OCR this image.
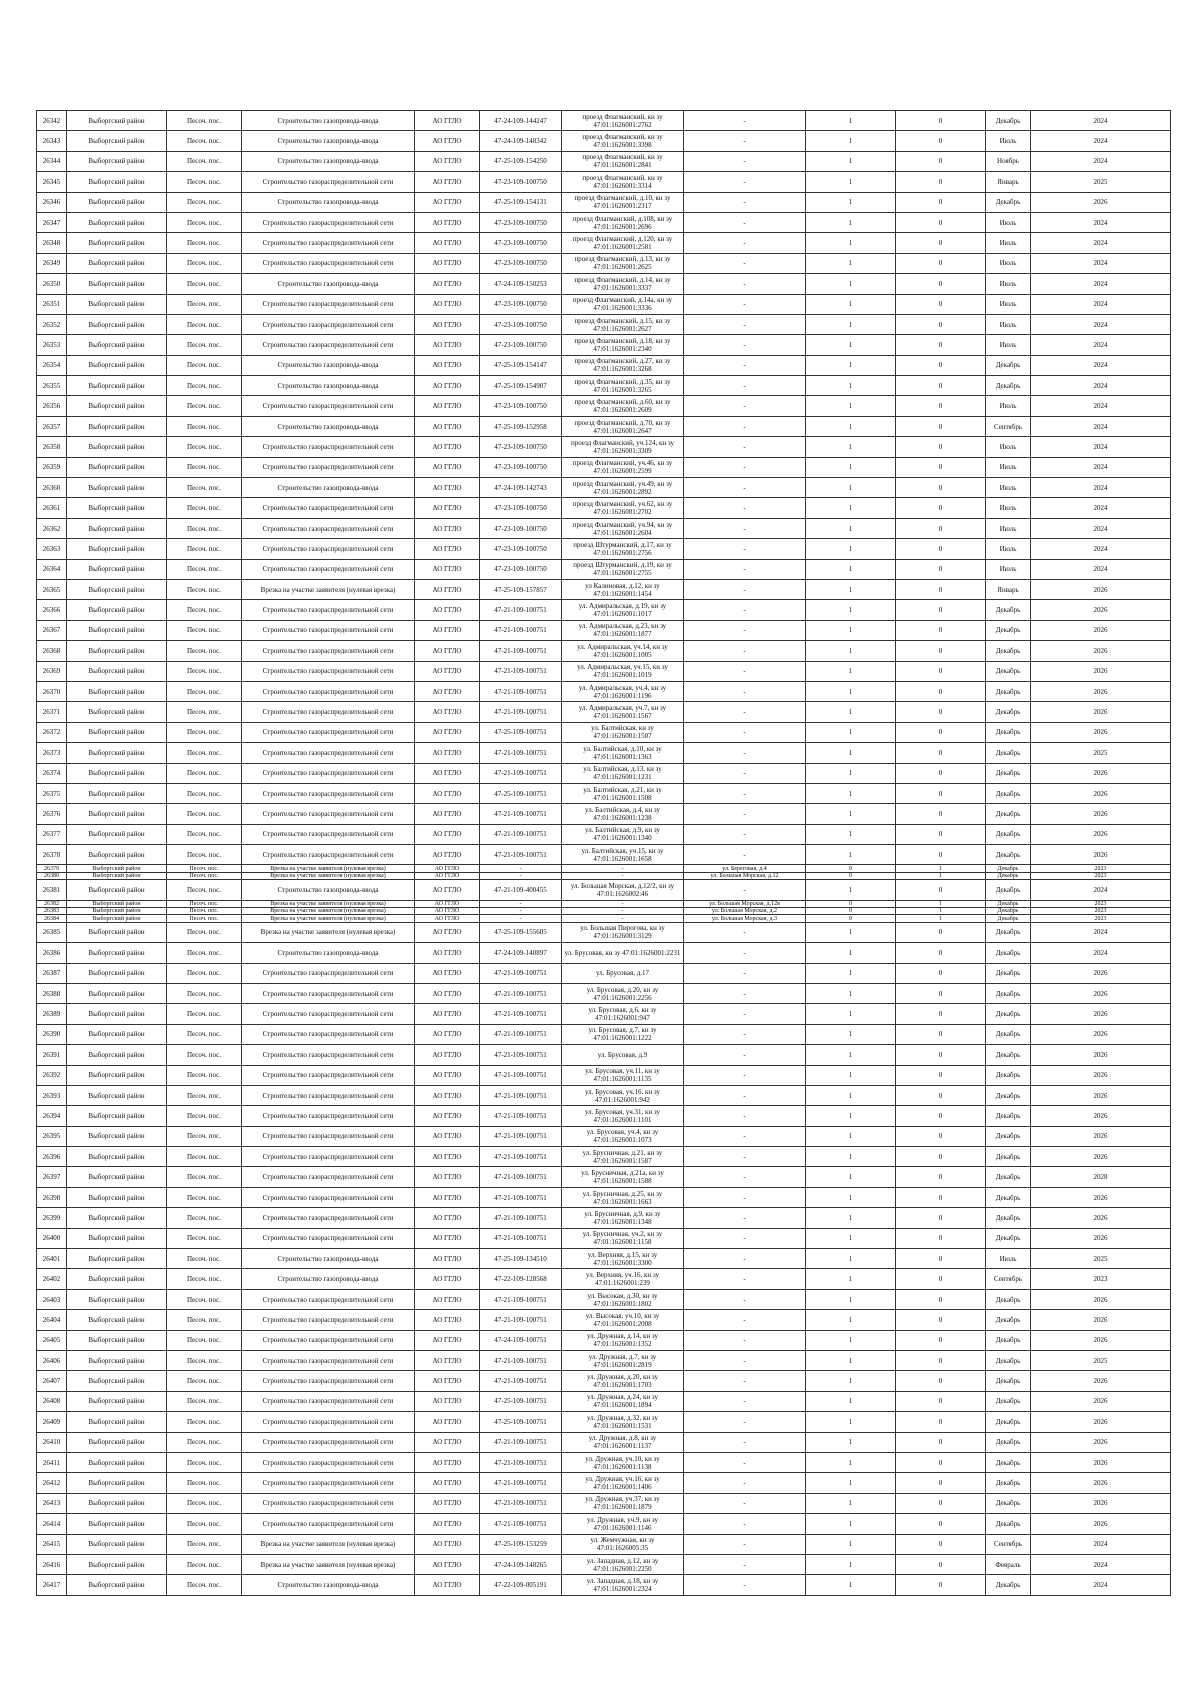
26342	Выборгский район	Песоч. пос.	Строительство газопровода-ввода	АО ГГЛО	47-24-109-144247	проезд Флагманский, кн зу 47:01:1626001:2762	-	1	0	Декабрь	2024
26343	Выборгский район	Песоч. пос.	Строительство газопровода-ввода	АО ГГЛО	47-24-109-148342	проезд Флагманский, кн зу 47:01:1626001:3398	-	1	0	Июль	2024
26344	Выборгский район	Песоч. пос.	Строительство газопровода-ввода	АО ГГЛО	47-25-109-154250	проезд Флагманский, кн зу 47:01:1626001:2841	-	1	0	Ноябрь	2024
26345	Выборгский район	Песоч. пос.	Строительство газораспределительной сети	АО ГГЛО	47-23-109-100750	проезд Флагманский, кн зу 47:01:1626001:3314	-	1	0	Январь	2025
26346	Выборгский район	Песоч. пос.	Строительство газопровода-ввода	АО ГГЛО	47-25-109-154131	проезд Флагманский, д.10, кн зу 47:01:1626001:2317	-	1	0	Декабрь	2026
26347	Выборгский район	Песоч. пос.	Строительство газораспределительной сети	АО ГГЛО	47-23-109-100750	проезд Флагманский, д.108, кн зу 47:01:1626001:2696	-	1	0	Июль	2024
26348	Выборгский район	Песоч. пос.	Строительство газораспределительной сети	АО ГГЛО	47-23-109-100750	проезд Флагманский, д.120, кн зу 47:01:1626001:2581	-	1	0	Июль	2024
26349	Выборгский район	Песоч. пос.	Строительство газораспределительной сети	АО ГГЛО	47-23-109-100750	проезд Флагманский, д.13, кн зу 47:01:1626001:2625	-	1	0	Июль	2024
26350	Выборгский район	Песоч. пос.	Строительство газопровода-ввода	АО ГГЛО	47-24-109-150253	проезд Флагманский, д.14, кн зу 47:01:1626001:3337	-	1	0	Июль	2024
26351	Выборгский район	Песоч. пос.	Строительство газораспределительной сети	АО ГГЛО	47-23-109-100750	проезд Флагманский, д.14а, кн зу 47:01:1626001:3336	-	1	0	Июль	2024
26352	Выборгский район	Песоч. пос.	Строительство газораспределительной сети	АО ГГЛО	47-23-109-100750	проезд Флагманский, д.15, кн зу 47:01:1626001:2627	-	1	0	Июль	2024
26353	Выборгский район	Песоч. пос.	Строительство газораспределительной сети	АО ГГЛО	47-23-109-100750	проезд Флагманский, д.18, кн зу 47:01:1626001:2340	-	1	0	Июль	2024
26354	Выборгский район	Песоч. пос.	Строительство газопровода-ввода	АО ГГЛО	47-25-109-154147	проезд Флагманский, д.27, кн зу 47:01:1626001:3268	-	1	0	Декабрь	2024
26355	Выборгский район	Песоч. пос.	Строительство газопровода-ввода	АО ГГЛО	47-25-109-154907	проезд Флагманский, д.35, кн зу 47:01:1626001:3265	-	1	0	Декабрь	2024
26356	Выборгский район	Песоч. пос.	Строительство газораспределительной сети	АО ГГЛО	47-23-109-100750	проезд Флагманский, д.60, кн зу 47:01:1626001:2609	-	1	0	Июль	2024
26357	Выборгский район	Песоч. пос.	Строительство газопровода-ввода	АО ГГЛО	47-25-109-152958	проезд Флагманский, д.70, кн зу 47:01:1626001:2647	-	1	0	Сентябрь	2024
26358	Выборгский район	Песоч. пос.	Строительство газораспределительной сети	АО ГГЛО	47-23-109-100750	проезд Флагманский, уч.124, кн зу 47:01:1626001:3309	-	1	0	Июль	2024
26359	Выборгский район	Песоч. пос.	Строительство газораспределительной сети	АО ГГЛО	47-23-109-100750	проезд Флагманский, уч.46, кн зу 47:01:1626001:2599	-	1	0	Июль	2024
26360	Выборгский район	Песоч. пос.	Строительство газопровода-ввода	АО ГГЛО	47-24-109-142743	проезд Флагманский, уч.49, кн зу 47:01:1626001:2892	-	1	0	Июль	2024
26361	Выборгский район	Песоч. пос.	Строительство газораспределительной сети	АО ГГЛО	47-23-109-100750	проезд Флагманский, уч.62, кн зу 47:01:1626001:2702	-	1	0	Июль	2024
26362	Выборгский район	Песоч. пос.	Строительство газораспределительной сети	АО ГГЛО	47-23-109-100750	проезд Флагманский, уч.94, кн зу 47:01:1626001:2604	-	1	0	Июль	2024
26363	Выборгский район	Песоч. пос.	Строительство газораспределительной сети	АО ГГЛО	47-23-109-100750	проезд Штурманский, д.17, кн зу 47:01:1626001:2756	-	1	0	Июль	2024
26364	Выборгский район	Песоч. пос.	Строительство газораспределительной сети	АО ГГЛО	47-23-109-100750	проезд Штурманский, д.19, кн зу 47:01:1626001:2755	-	1	0	Июль	2024
26365	Выборгский район	Песоч. пос.	Врезка на участке заявителя (нулевая врезка)	АО ГГЛО	47-25-109-157857	ул Калиновая, д.12, кн зу 47:01:1626001:1454	-	1	0	Январь	2026
26366	Выборгский район	Песоч. пос.	Строительство газораспределительной сети	АО ГГЛО	47-21-109-100751	ул. Адмиральская, д.19, кн зу 47:01:1626001:1017	-	1	0	Декабрь	2026
26367	Выборгский район	Песоч. пос.	Строительство газораспределительной сети	АО ГГЛО	47-21-109-100751	ул. Адмиральская, д.23, кн зу 47:01:1626001:1877	-	1	0	Декабрь	2026
26368	Выборгский район	Песоч. пос.	Строительство газораспределительной сети	АО ГГЛО	47-21-109-100751	ул. Адмиральская, уч.14, кн зу 47:01:1626001:1005	-	1	0	Декабрь	2026
26369	Выборгский район	Песоч. пос.	Строительство газораспределительной сети	АО ГГЛО	47-21-109-100751	ул. Адмиральская, уч.15, кн зу 47:01:1626001:1019	-	1	0	Декабрь	2026
26370	Выборгский район	Песоч. пос.	Строительство газораспределительной сети	АО ГГЛО	47-21-109-100751	ул. Адмиральская, уч.4, кн зу 47:01:1626001:1196	-	1	0	Декабрь	2026
26371	Выборгский район	Песоч. пос.	Строительство газораспределительной сети	АО ГГЛО	47-21-109-100751	ул. Адмиральская, уч.7, кн зу 47:01:1626001:1567	-	1	0	Декабрь	2026
26372	Выборгский район	Песоч. пос.	Строительство газораспределительной сети	АО ГГЛО	47-25-109-100751	ул. Балтийская, кн зу 47:01:1626001:1507	-	1	0	Декабрь	2026
26373	Выборгский район	Песоч. пос.	Строительство газораспределительной сети	АО ГГЛО	47-21-109-100751	ул. Балтийская, д.10, кн зу 47:01:1626001:1363	-	1	0	Декабрь	2025
26374	Выборгский район	Песоч. пос.	Строительство газораспределительной сети	АО ГГЛО	47-21-109-100751	ул. Балтийская, д.13, кн зу 47:01:1626001:1231	-	1	0	Декабрь	2026
26375	Выборгский район	Песоч. пос.	Строительство газораспределительной сети	АО ГГЛО	47-25-109-100751	ул. Балтийская, д.21, кн зу 47:01:1626001:1508	-	1	0	Декабрь	2026
26376	Выборгский район	Песоч. пос.	Строительство газораспределительной сети	АО ГГЛО	47-21-109-100751	ул. Балтийская, д.4, кн зу 47:01:1626001:1238	-	1	0	Декабрь	2026
26377	Выборгский район	Песоч. пос.	Строительство газораспределительной сети	АО ГГЛО	47-21-109-100751	ул. Балтийская, д.9, кн зу 47:01:1626001:1340	-	1	0	Декабрь	2026
26378	Выборгский район	Песоч. пос.	Строительство газораспределительной сети	АО ГГЛО	47-21-109-100751	ул. Балтийская, уч.15, кн зу 47:01:1626001:1658	-	1	0	Декабрь	2026
26379	Выборгский район	Песоч. пос.	Врезка на участке заявителя (нулевая врезка)	АО ГГЛО	-	-	ул. Береговая, д.4	0	1	Декабрь	2023
26380	Выборгский район	Песоч. пос.	Врезка на участке заявителя (нулевая врезка)	АО ГГЛО	-	-	ул. Большая Морская, д.12	0	1	Декабрь	2023
26381	Выборгский район	Песоч. пос.	Строительство газопровода-ввода	АО ГГЛО	47-21-109-400455	ул. Большая Морская, д.12/2, кн зу 47:01:1626002:46	-	1	0	Декабрь	2024
26382	Выборгский район	Песоч. пос.	Врезка на участке заявителя (нулевая врезка)	АО ГГЛО	-	-	ул. Большая Морская, д.12в	0	1	Декабрь	2023
26383	Выборгский район	Песоч. пос.	Врезка на участке заявителя (нулевая врезка)	АО ГГЛО	-	-	ул. Большая Морская, д.2	0	1	Декабрь	2023
26384	Выборгский район	Песоч. пос.	Врезка на участке заявителя (нулевая врезка)	АО ГГЛО	-	-	ул. Большая Морская, д.3	0	1	Декабрь	2023
26385	Выборгский район	Песоч. пос.	Врезка на участке заявителя (нулевая врезка)	АО ГГЛО	47-25-109-155605	ул. Большая Пирогова, кн зу 47:01:1626001:3129	-	1	0	Декабрь	2024
26386	Выборгский район	Песоч. пос.	Строительство газопровода-ввода	АО ГГЛО	47-24-109-140897	ул. Брусовая, кн зу 47:01:1626001:2231	-	1	0	Декабрь	2024
26387	Выборгский район	Песоч. пос.	Строительство газораспределительной сети	АО ГГЛО	47-21-109-100751	ул. Брусовая, д.17	-	1	0	Декабрь	2026
26388	Выборгский район	Песоч. пос.	Строительство газораспределительной сети	АО ГГЛО	47-21-109-100751	ул. Брусовая, д.20, кн зу 47:01:1626001:2256	-	1	0	Декабрь	2026
26389	Выборгский район	Песоч. пос.	Строительство газораспределительной сети	АО ГГЛО	47-21-109-100751	ул. Брусовая, д.6, кн зу 47:01:1626001:947	-	1	0	Декабрь	2026
26390	Выборгский район	Песоч. пос.	Строительство газораспределительной сети	АО ГГЛО	47-21-109-100751	ул. Брусовая, д.7, кн зу 47:01:1626001:1222	-	1	0	Декабрь	2026
26391	Выборгский район	Песоч. пос.	Строительство газораспределительной сети	АО ГГЛО	47-21-109-100751	ул. Брусовая, д.9	-	1	0	Декабрь	2026
26392	Выборгский район	Песоч. пос.	Строительство газораспределительной сети	АО ГГЛО	47-21-109-100751	ул. Брусовая, уч.11, кн зу 47:01:1626001:1135	-	1	0	Декабрь	2026
26393	Выборгский район	Песоч. пос.	Строительство газораспределительной сети	АО ГГЛО	47-21-109-100751	ул. Брусовая, уч.16, кн зу 47:01:1626001:942	-	1	0	Декабрь	2026
26394	Выборгский район	Песоч. пос.	Строительство газораспределительной сети	АО ГГЛО	47-21-109-100751	ул. Брусовая, уч.31, кн зу 47:01:1626001:1101	-	1	0	Декабрь	2026
26395	Выборгский район	Песоч. пос.	Строительство газораспределительной сети	АО ГГЛО	47-21-109-100751	ул. Брусовая, уч.4, кн зу 47:01:1626001:1073	-	1	0	Декабрь	2026
26396	Выборгский район	Песоч. пос.	Строительство газораспределительной сети	АО ГГЛО	47-21-109-100751	ул. Брусничная, д.21, кн зу 47:01:1626001:1587	-	1	0	Декабрь	2026
26397	Выборгский район	Песоч. пос.	Строительство газораспределительной сети	АО ГГЛО	47-21-109-100751	ул. Брусничная, д.21а, кн зу 47:01:1626001:1588	-	1	0	Декабрь	2028
26398	Выборгский район	Песоч. пос.	Строительство газораспределительной сети	АО ГГЛО	47-21-109-100751	ул. Брусничная, д.25, кн зу 47:01:1626001:1663	-	1	0	Декабрь	2026
26399	Выборгский район	Песоч. пос.	Строительство газораспределительной сети	АО ГГЛО	47-21-109-100751	ул. Брусничная, д.9, кн зу 47:01:1626001:1348	-	1	0	Декабрь	2026
26400	Выборгский район	Песоч. пос.	Строительство газораспределительной сети	АО ГГЛО	47-21-109-100751	ул. Брусничная, уч.2, кн зу 47:01:1626001:1158	-	1	0	Декабрь	2026
26401	Выборгский район	Песоч. пос.	Строительство газопровода-ввода	АО ГГЛО	47-25-109-134510	ул. Верхняя, д.15, кн зу 47:01:1626001:3300	-	1	0	Июль	2025
26402	Выборгский район	Песоч. пос.	Строительство газопровода-ввода	АО ГГЛО	47-22-109-128568	ул. Верхняя, уч.16, кн зу 47:01:1626001:239	-	1	0	Сентябрь	2023
26403	Выборгский район	Песоч. пос.	Строительство газораспределительной сети	АО ГГЛО	47-21-109-100751	ул. Высокая, д.30, кн зу 47:01:1626001:1802	-	1	0	Декабрь	2026
26404	Выборгский район	Песоч. пос.	Строительство газораспределительной сети	АО ГГЛО	47-21-109-100751	ул. Высокая, уч.10, кн зу 47:01:1626001:2008	-	1	0	Декабрь	2026
26405	Выборгский район	Песоч. пос.	Строительство газораспределительной сети	АО ГГЛО	47-24-109-100751	ул. Дружная, д.14, кн зу 47:01:1626001:1352	-	1	0	Декабрь	2026
26406	Выборгский район	Песоч. пос.	Строительство газораспределительной сети	АО ГГЛО	47-21-109-100751	ул. Дружная, д.7, кн зу 47:01:1626001:2819	-	1	0	Декабрь	2025
26407	Выборгский район	Песоч. пос.	Строительство газораспределительной сети	АО ГГЛО	47-21-109-100751	ул. Дружная, д.20, кн зу 47:01:1626001:1703	-	1	0	Декабрь	2026
26408	Выборгский район	Песоч. пос.	Строительство газораспределительной сети	АО ГГЛО	47-25-109-100751	ул. Дружная, д.24, кн зу 47:01:1626001:1894	-	1	0	Декабрь	2026
26409	Выборгский район	Песоч. пос.	Строительство газораспределительной сети	АО ГГЛО	47-25-109-100751	ул. Дружная, д.32, кн зу 47:01:1626001:1531	-	1	0	Декабрь	2026
26410	Выборгский район	Песоч. пос.	Строительство газораспределительной сети	АО ГГЛО	47-21-109-100751	ул. Дружная, д.8, кн зу 47:01:1626001:1137	-	1	0	Декабрь	2026
26411	Выборгский район	Песоч. пос.	Строительство газораспределительной сети	АО ГГЛО	47-21-109-100751	ул. Дружная, уч.10, кн зу 47:01:1626001:1138	-	1	0	Декабрь	2026
26412	Выборгский район	Песоч. пос.	Строительство газораспределительной сети	АО ГГЛО	47-21-109-100751	ул. Дружная, уч.16, кн зу 47:01:1626001:1406	-	1	0	Декабрь	2026
26413	Выборгский район	Песоч. пос.	Строительство газораспределительной сети	АО ГГЛО	47-21-109-100751	ул. Дружная, уч.37, кн зу 47:01:1626001:1879	-	1	0	Декабрь	2026
26414	Выборгский район	Песоч. пос.	Строительство газораспределительной сети	АО ГГЛО	47-21-109-100751	ул. Дружная, уч.9, кн зу 47:01:1626001:1146	-	1	0	Декабрь	2026
26415	Выборгский район	Песоч. пос.	Врезка на участке заявителя (нулевая врезка)	АО ГГЛО	47-25-109-153259	ул. Жемчужная, кн зу 47:01:1626005:35	-	1	0	Сентябрь	2024
26416	Выборгский район	Песоч. пос.	Врезка на участке заявителя (нулевая врезка)	АО ГГЛО	47-24-109-148265	ул. Западная, д.12, кн зу 47:01:1626001:2250	-	1	0	Февраль	2024
26417	Выборгский район	Песоч. пос.	Строительство газопровода-ввода	АО ГГЛО	47-22-109-005191	ул. Западная, д.18, кн зу 47:01:1626001:2324	-	1	0	Декабрь	2024
